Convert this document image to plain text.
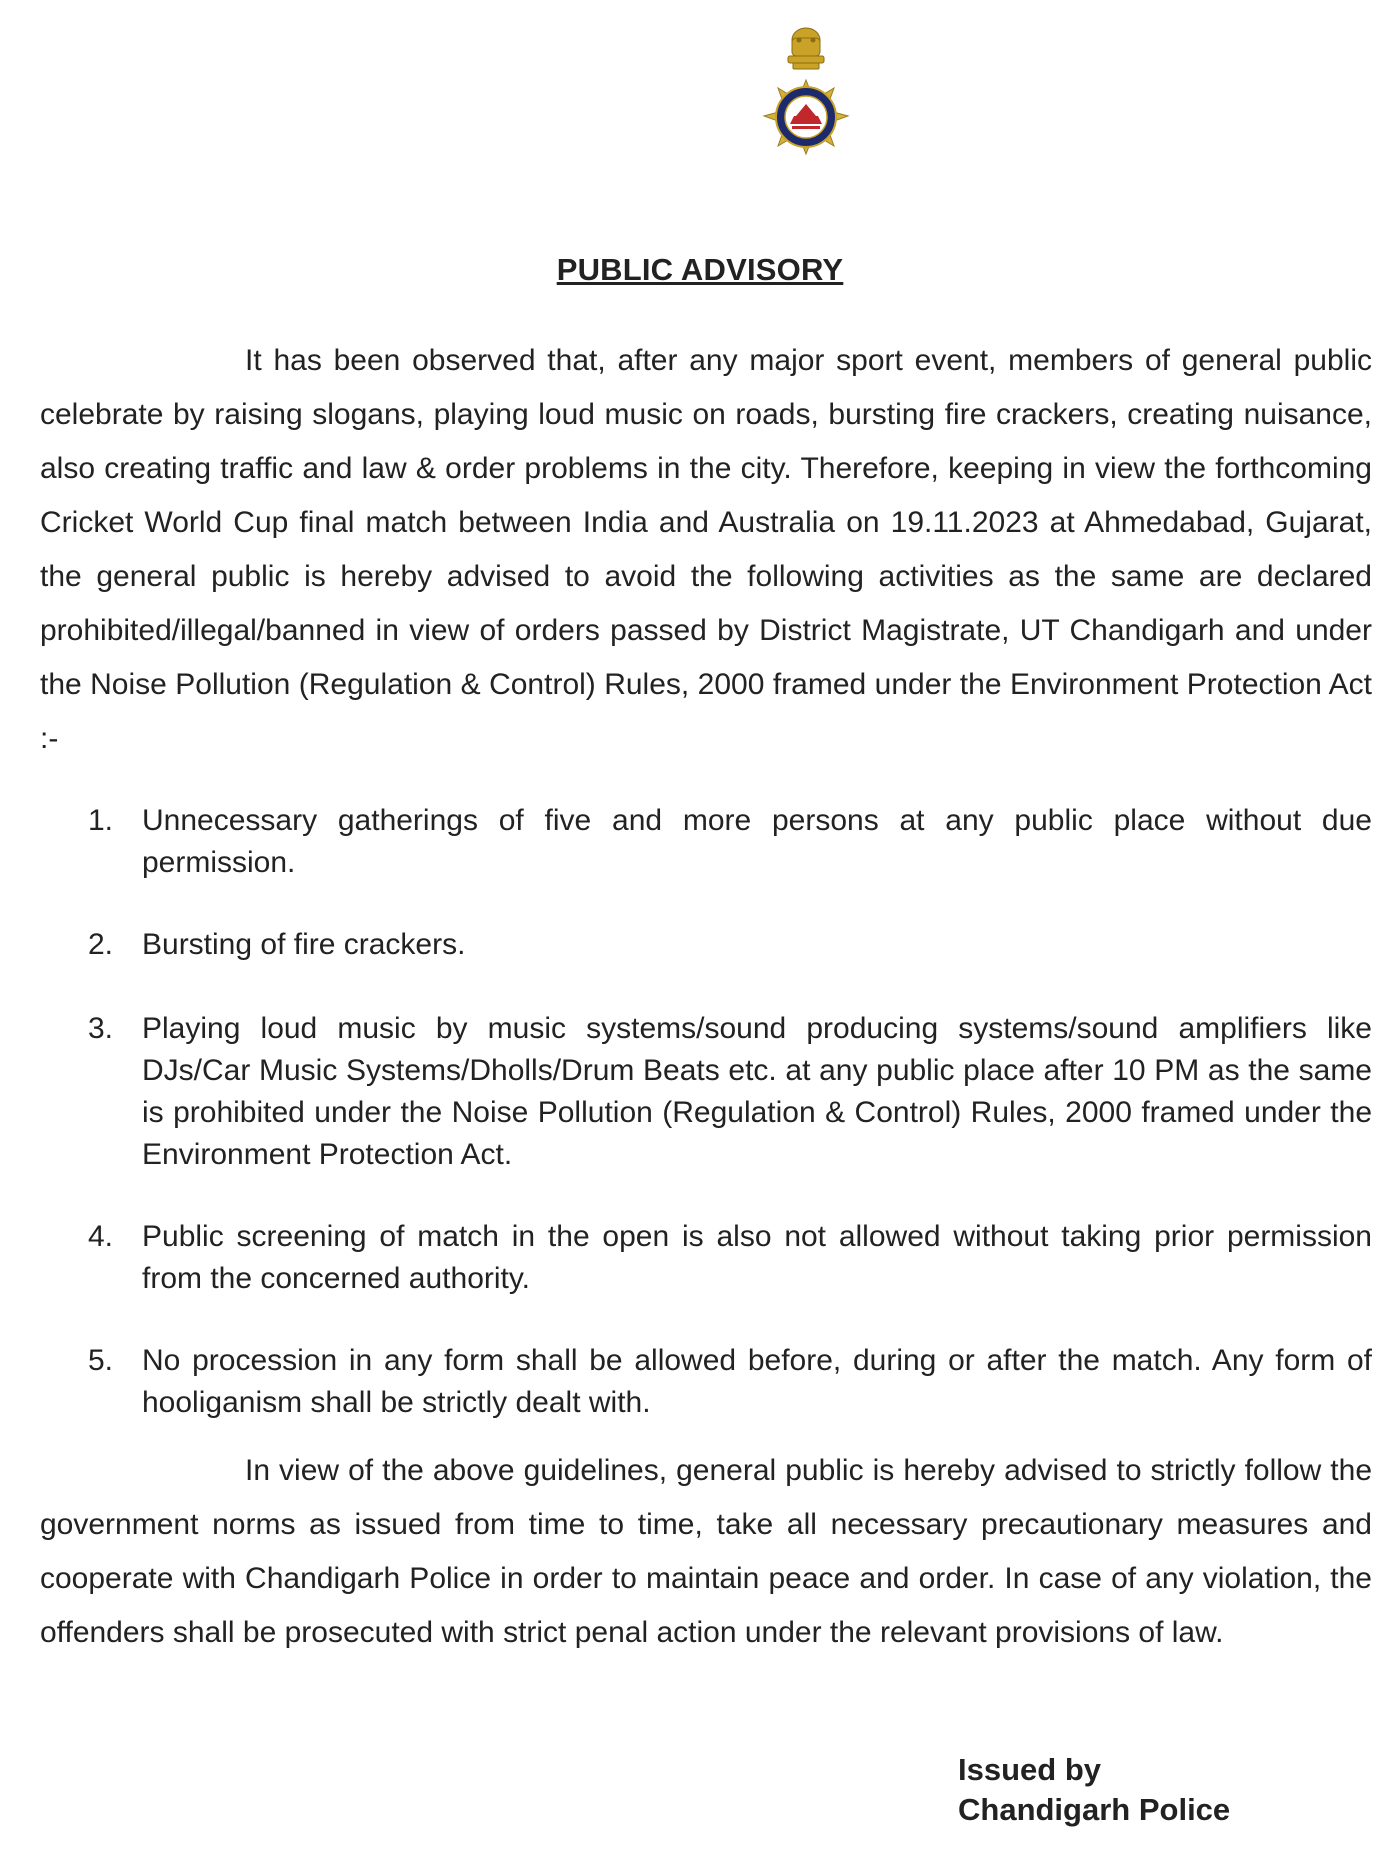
PUBLIC ADVISORY

It has been observed that, after any major sport event, members of general public celebrate by raising slogans, playing loud music on roads, bursting fire crackers, creating nuisance, also creating traffic and law & order problems in the city. Therefore, keeping in view the forthcoming Cricket World Cup final match between India and Australia on 19.11.2023 at Ahmedabad, Gujarat, the general public is hereby advised to avoid the following activities as the same are declared prohibited/illegal/banned in view of orders passed by District Magistrate, UT Chandigarh and under the Noise Pollution (Regulation & Control) Rules, 2000 framed under the Environment Protection Act :-

1. Unnecessary gatherings of five and more persons at any public place without due permission.
2. Bursting of fire crackers.
3. Playing loud music by music systems/sound producing systems/sound amplifiers like DJs/Car Music Systems/Dholls/Drum Beats etc. at any public place after 10 PM as the same is prohibited under the Noise Pollution (Regulation & Control) Rules, 2000 framed under the Environment Protection Act.
4. Public screening of match in the open is also not allowed without taking prior permission from the concerned authority.
5. No procession in any form shall be allowed before, during or after the match. Any form of hooliganism shall be strictly dealt with.

In view of the above guidelines, general public is hereby advised to strictly follow the government norms as issued from time to time, take all necessary precautionary measures and cooperate with Chandigarh Police in order to maintain peace and order. In case of any violation, the offenders shall be prosecuted with strict penal action under the relevant provisions of law.

Issued by
Chandigarh Police
